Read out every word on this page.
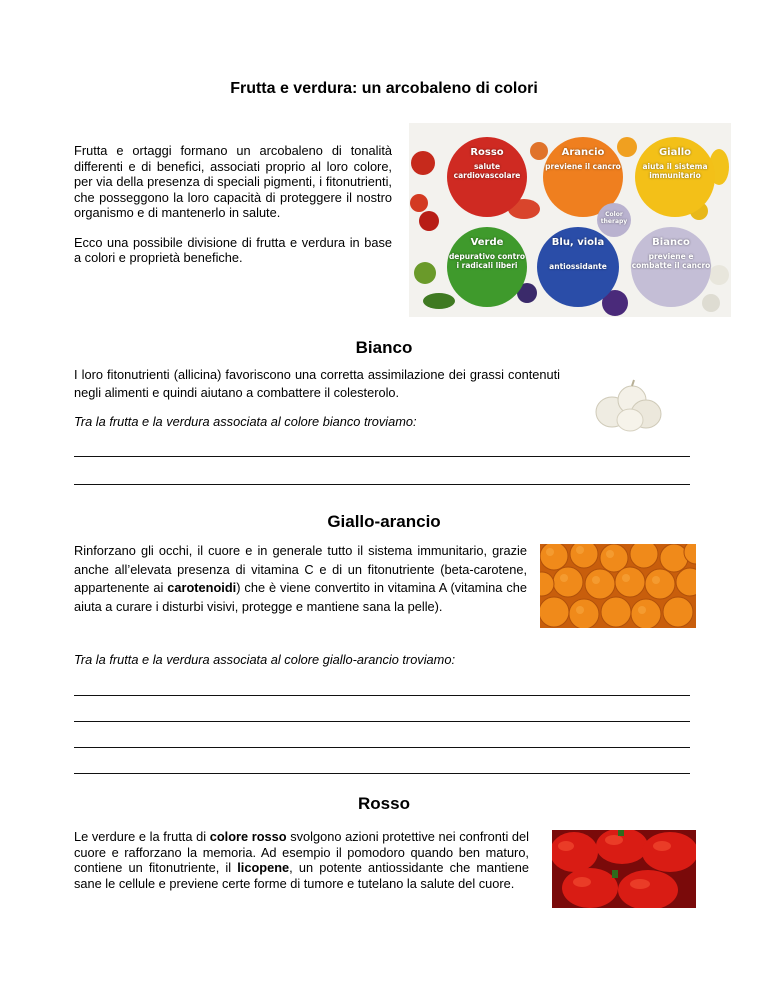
Frutta e verdura: un arcobaleno di colori

Frutta e ortaggi formano un arcobaleno di tonalità differenti e di benefici, associati proprio al loro colore, per via della presenza di speciali pigmenti, i fitonutrienti, che posseggono la loro capacità di proteggere il nostro organismo e di mantenerlo in salute.

Ecco una possibile divisione di frutta e verdura in base a colori e proprietà benefiche.

Rosso
salute cardiovascolare
Arancio
previene il cancro
Giallo
aiuta il sistema immunitario
Color therapy
Verde
depurativo contro i radicali liberi
Blu, viola
antiossidante
Bianco
previene e combatte il cancro
Bianco
I loro fitonutrienti (allicina) favoriscono una corretta assimilazione dei grassi contenuti negli alimenti e quindi aiutano a combattere il colesterolo.
Tra la frutta e la verdura associata al colore bianco troviamo:
Giallo-arancio
Rinforzano gli occhi, il cuore e in generale tutto il sistema immunitario, grazie anche all’elevata presenza di vitamina C e di un fitonutriente (beta-carotene, appartenente ai carotenoidi) che è viene convertito in vitamina A (vitamina che aiuta a curare i disturbi visivi, protegge e mantiene sana la pelle).
Tra la frutta e la verdura associata al colore giallo-arancio troviamo:
Rosso
Le verdure e la frutta di colore rosso svolgono azioni protettive nei confronti del cuore e rafforzano la memoria. Ad esempio il pomodoro quando ben maturo, contiene un fitonutriente, il licopene, un potente antiossidante che mantiene sane le cellule e previene certe forme di tumore e tutelano la salute del cuore.
